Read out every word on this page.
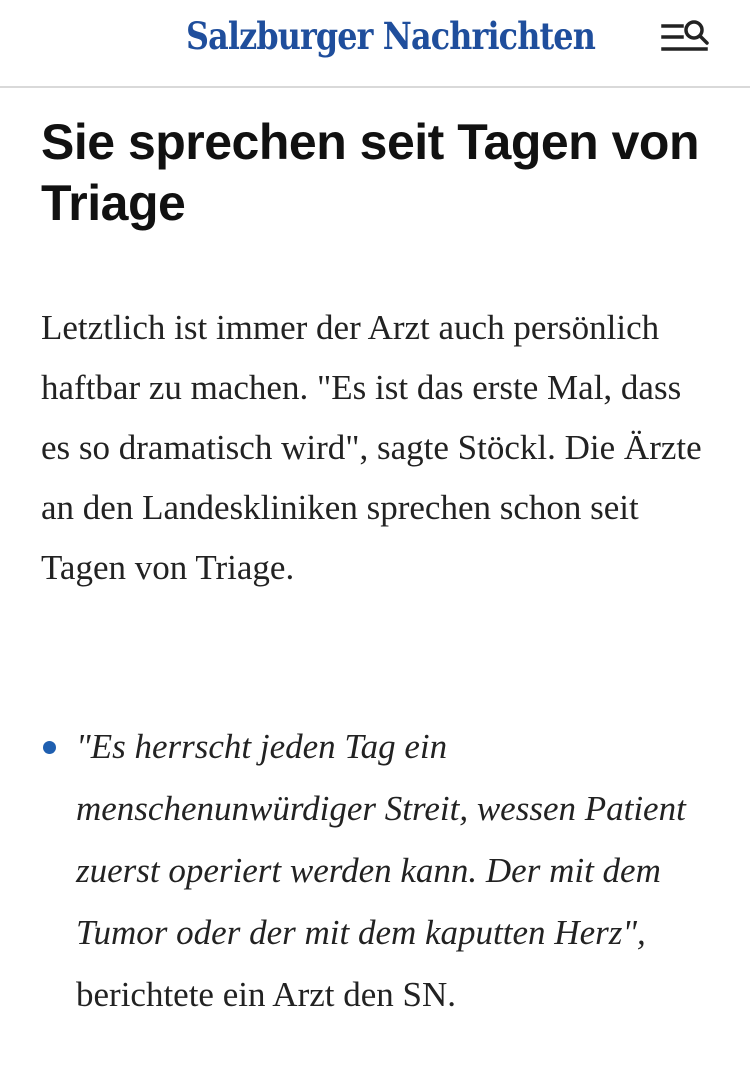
Salzburger Nachrichten
Sie sprechen seit Tagen von Triage

Letztlich ist immer der Arzt auch persönlich haftbar zu machen. "Es ist das erste Mal, dass es so dramatisch wird", sagte Stöckl. Die Ärzte an den Landeskliniken sprechen schon seit Tagen von Triage.

"Es herrscht jeden Tag ein menschenunwürdiger Streit, wessen Patient zuerst operiert werden kann. Der mit dem Tumor oder der mit dem kaputten Herz", berichtete ein Arzt den SN.
